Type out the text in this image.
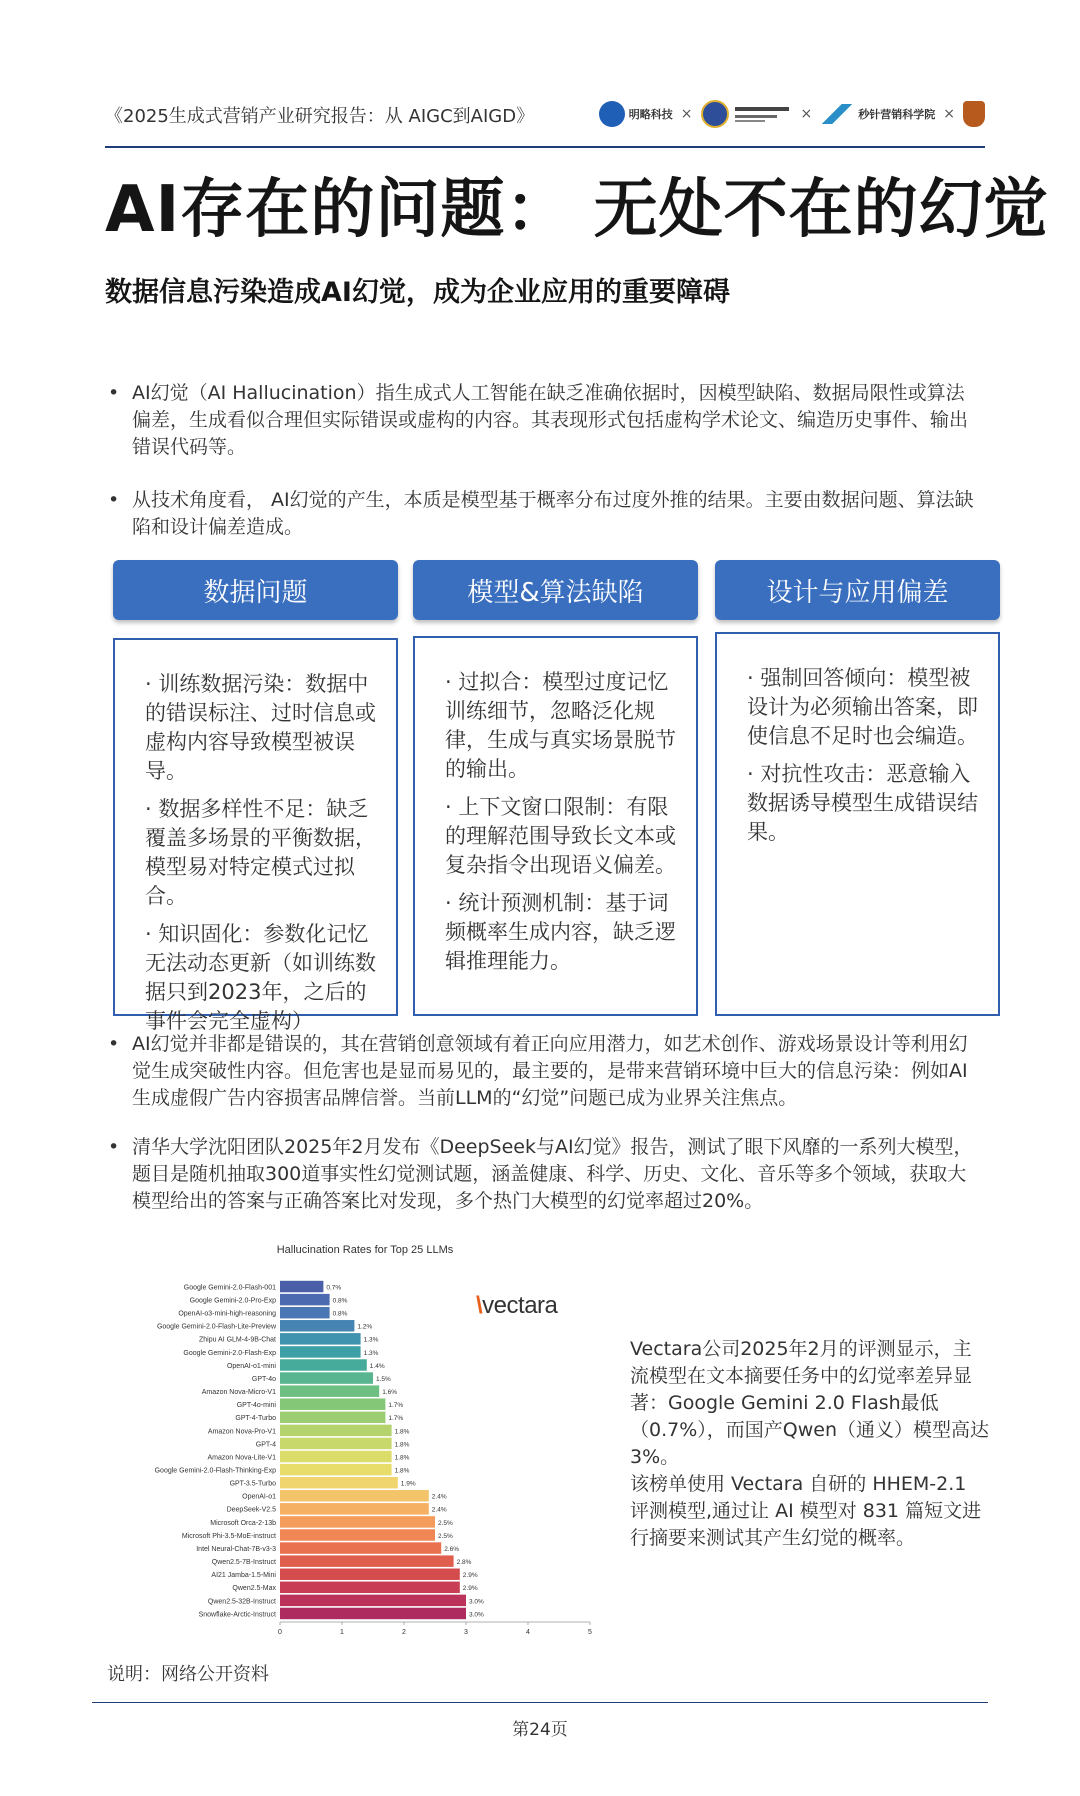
《2025生成式营销产业研究报告：从 AIGC到AIGD》	明略科技 ×	×	秒针营销科学院 ×
AI存在的问题： 无处不在的幻觉
数据信息污染造成AI幻觉，成为企业应用的重要障碍
• AI幻觉（AI Hallucination）指生成式人工智能在缺乏准确依据时，因模型缺陷、数据局限性或算法偏差，生成看似合理但实际错误或虚构的内容。其表现形式包括虚构学术论文、编造历史事件、输出错误代码等。
• 从技术角度看， AI幻觉的产生，本质是模型基于概率分布过度外推的结果。主要由数据问题、算法缺陷和设计偏差造成。
数据问题	模型&算法缺陷	设计与应用偏差
· 训练数据污染：数据中的错误标注、过时信息或虚构内容导致模型被误导。
· 数据多样性不足：缺乏覆盖多场景的平衡数据，模型易对特定模式过拟合。
· 知识固化：参数化记忆无法动态更新（如训练数据只到2023年，之后的事件会完全虚构）
· 过拟合：模型过度记忆训练细节，忽略泛化规律，生成与真实场景脱节的输出。
· 上下文窗口限制：有限的理解范围导致长文本或复杂指令出现语义偏差。
· 统计预测机制：基于词频概率生成内容，缺乏逻辑推理能力。
· 强制回答倾向：模型被设计为必须输出答案，即使信息不足时也会编造。
· 对抗性攻击：恶意输入数据诱导模型生成错误结果。
• AI幻觉并非都是错误的，其在营销创意领域有着正向应用潜力，如艺术创作、游戏场景设计等利用幻觉生成突破性内容。但危害也是显而易见的，最主要的，是带来营销环境中巨大的信息污染：例如AI生成虚假广告内容损害品牌信誉。当前LLM的“幻觉”问题已成为业界关注焦点。
• 清华大学沈阳团队2025年2月发布《DeepSeek与AI幻觉》报告，测试了眼下风靡的一系列大模型，题目是随机抽取300道事实性幻觉测试题，涵盖健康、科学、历史、文化、音乐等多个领域，获取大模型给出的答案与正确答案比对发现，多个热门大模型的幻觉率超过20%。
Hallucination Rates for Top 25 LLMs
Google Gemini-2.0-Flash-001	0.7%
Google Gemini-2.0-Pro-Exp	0.8%
OpenAI-o3-mini-high-reasoning	0.8%
Google Gemini-2.0-Flash-Lite-Preview	1.2%
Zhipu AI GLM-4-9B-Chat	1.3%
Google Gemini-2.0-Flash-Exp	1.3%
OpenAI-o1-mini	1.4%
GPT-4o	1.5%
Amazon Nova-Micro-V1	1.6%
GPT-4o-mini	1.7%
GPT-4-Turbo	1.7%
Amazon Nova-Pro-V1	1.8%
GPT-4	1.8%
Amazon Nova-Lite-V1	1.8%
Google Gemini-2.0-Flash-Thinking-Exp	1.8%
GPT-3.5-Turbo	1.9%
OpenAI-o1	2.4%
DeepSeek-V2.5	2.4%
Microsoft Orca-2-13b	2.5%
Microsoft Phi-3.5-MoE-instruct	2.5%
Intel Neural-Chat-7B-v3-3	2.6%
Qwen2.5-7B-Instruct	2.8%
AI21 Jamba-1.5-Mini	2.9%
Qwen2.5-Max	2.9%
Qwen2.5-32B-Instruct	3.0%
Snowflake-Arctic-Instruct	3.0%
0	1	2	3	4	5
\vectara
Vectara公司2025年2月的评测显示，主流模型在文本摘要任务中的幻觉率差异显著：Google Gemini 2.0 Flash最低（0.7%），而国产Qwen（通义）模型高达3%。
该榜单使用 Vectara 自研的 HHEM-2.1 评测模型,通过让 AI 模型对 831 篇短文进行摘要来测试其产生幻觉的概率。
说明：网络公开资料
第24页
